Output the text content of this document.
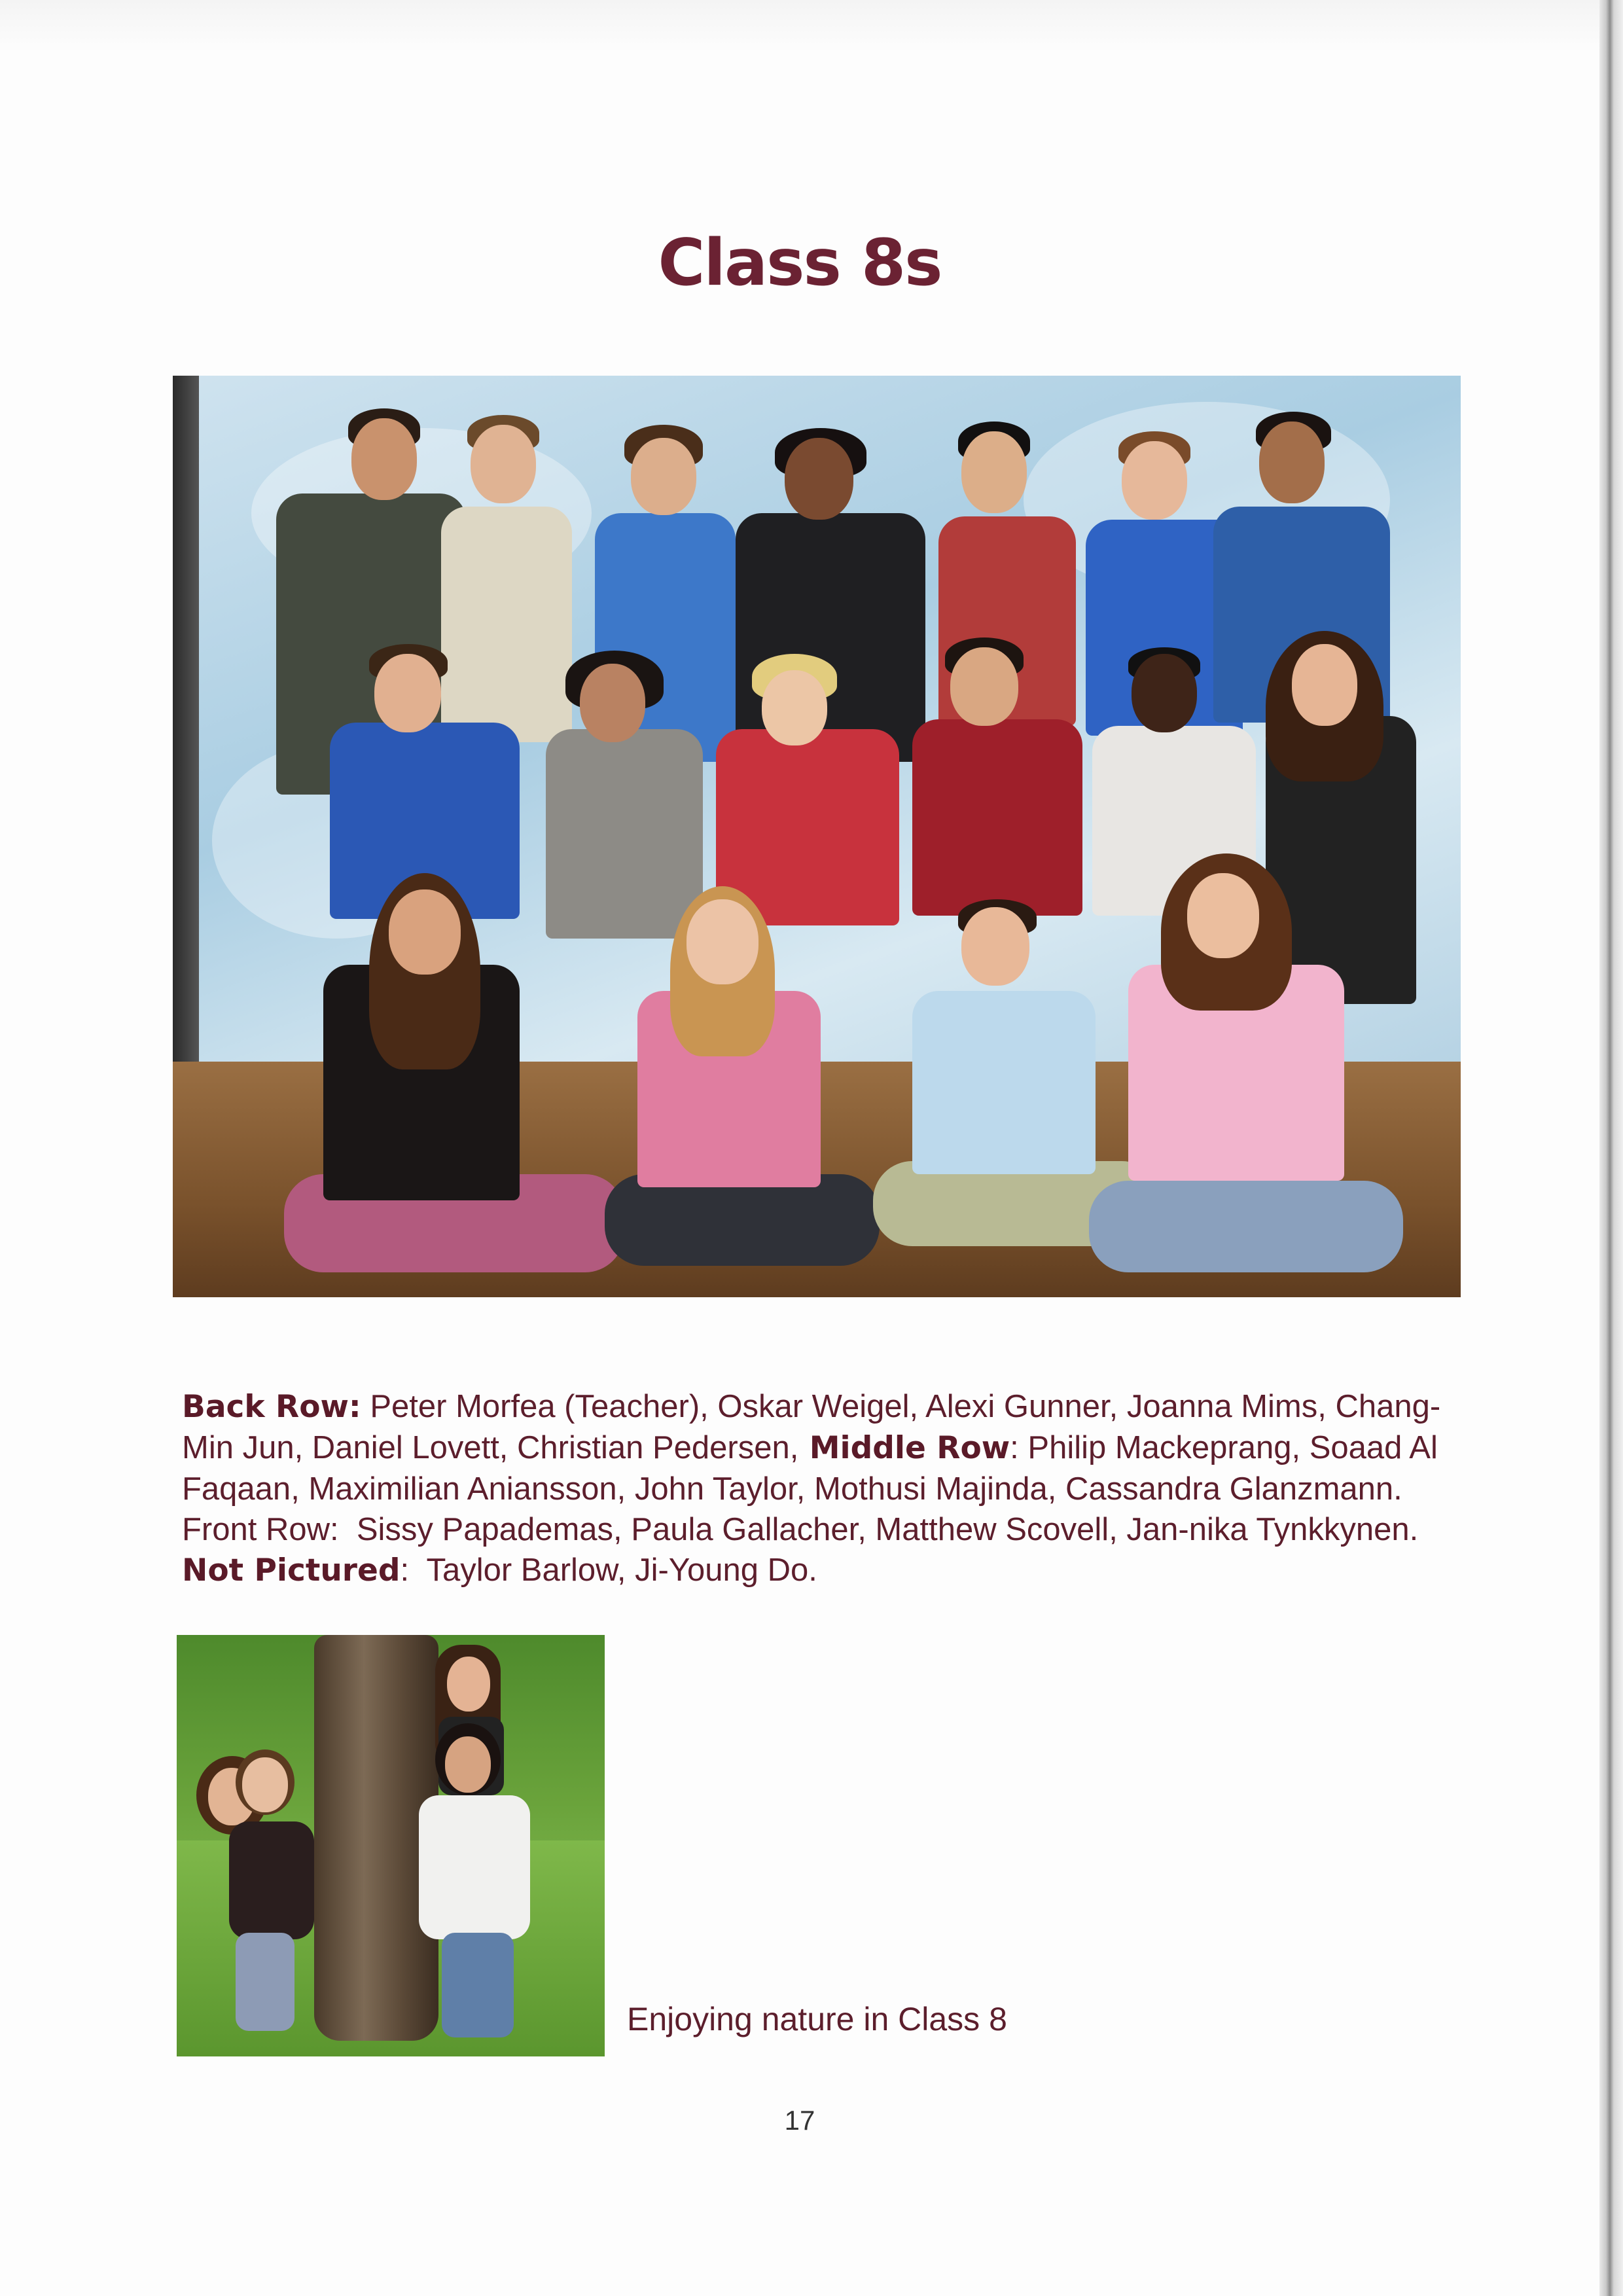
Class 8s
Back Row: Peter Morfea (Teacher), Oskar Weigel, Alexi Gunner, Joanna Mims, Chang-Min Jun, Daniel Lovett, Christian Pedersen, Middle Row: Philip Mackeprang, Soaad Al Faqaan, Maximilian Aniansson, John Taylor, Mothusi Majinda, Cassandra Glanzmann.  Front Row:  Sissy Papademas, Paula Gallacher, Matthew Scovell, Jan-nika Tynkkynen. Not Pictured:  Taylor Barlow, Ji-Young Do.
Enjoying nature in Class 8
17
